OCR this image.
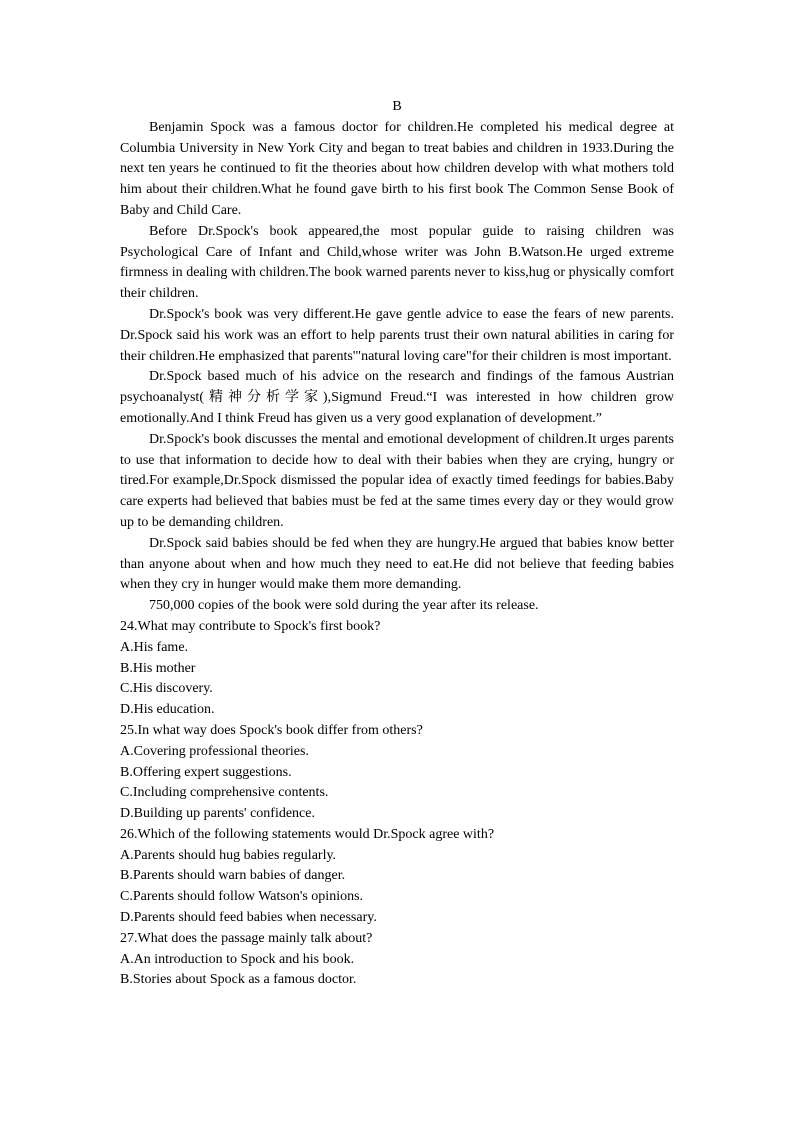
B

Benjamin Spock was a famous doctor for children.He completed his medical degree at Columbia University in New York City and began to treat babies and children in 1933.During the next ten years he continued to fit the theories about how children develop with what mothers told him about their children.What he found gave birth to his first book The Common Sense Book of Baby and Child Care.

Before Dr.Spock's book appeared,the most popular guide to raising children was Psychological Care of Infant and Child,whose writer was John B.Watson.He urged extreme firmness in dealing with children.The book warned parents never to kiss,hug or physically comfort their children.

Dr.Spock's book was very different.He gave gentle advice to ease the fears of new parents. Dr.Spock said his work was an effort to help parents trust their own natural abilities in caring for their children.He emphasized that parents'"natural loving care"for their children is most important.

Dr.Spock based much of his advice on the research and findings of the famous Austrian psychoanalyst(精神分析学家),Sigmund Freud.“I was interested in how children grow emotionally.And I think Freud has given us a very good explanation of development.”

Dr.Spock's book discusses the mental and emotional development of children.It urges parents to use that information to decide how to deal with their babies when they are crying, hungry or tired.For example,Dr.Spock dismissed the popular idea of exactly timed feedings for babies.Baby care experts had believed that babies must be fed at the same times every day or they would grow up to be demanding children.

Dr.Spock said babies should be fed when they are hungry.He argued that babies know better than anyone about when and how much they need to eat.He did not believe that feeding babies when they cry in hunger would make them more demanding.

750,000 copies of the book were sold during the year after its release.

24.What may contribute to Spock's first book?

A.His fame.

B.His mother

C.His discovery.

D.His education.

25.In what way does Spock's book differ from others?

A.Covering professional theories.

B.Offering expert suggestions.

C.Including comprehensive contents.

D.Building up parents' confidence.

26.Which of the following statements would Dr.Spock agree with?

A.Parents should hug babies regularly.

B.Parents should warn babies of danger.

C.Parents should follow Watson's opinions.

D.Parents should feed babies when necessary.

27.What does the passage mainly talk about?

A.An introduction to Spock and his book.

B.Stories about Spock as a famous doctor.
